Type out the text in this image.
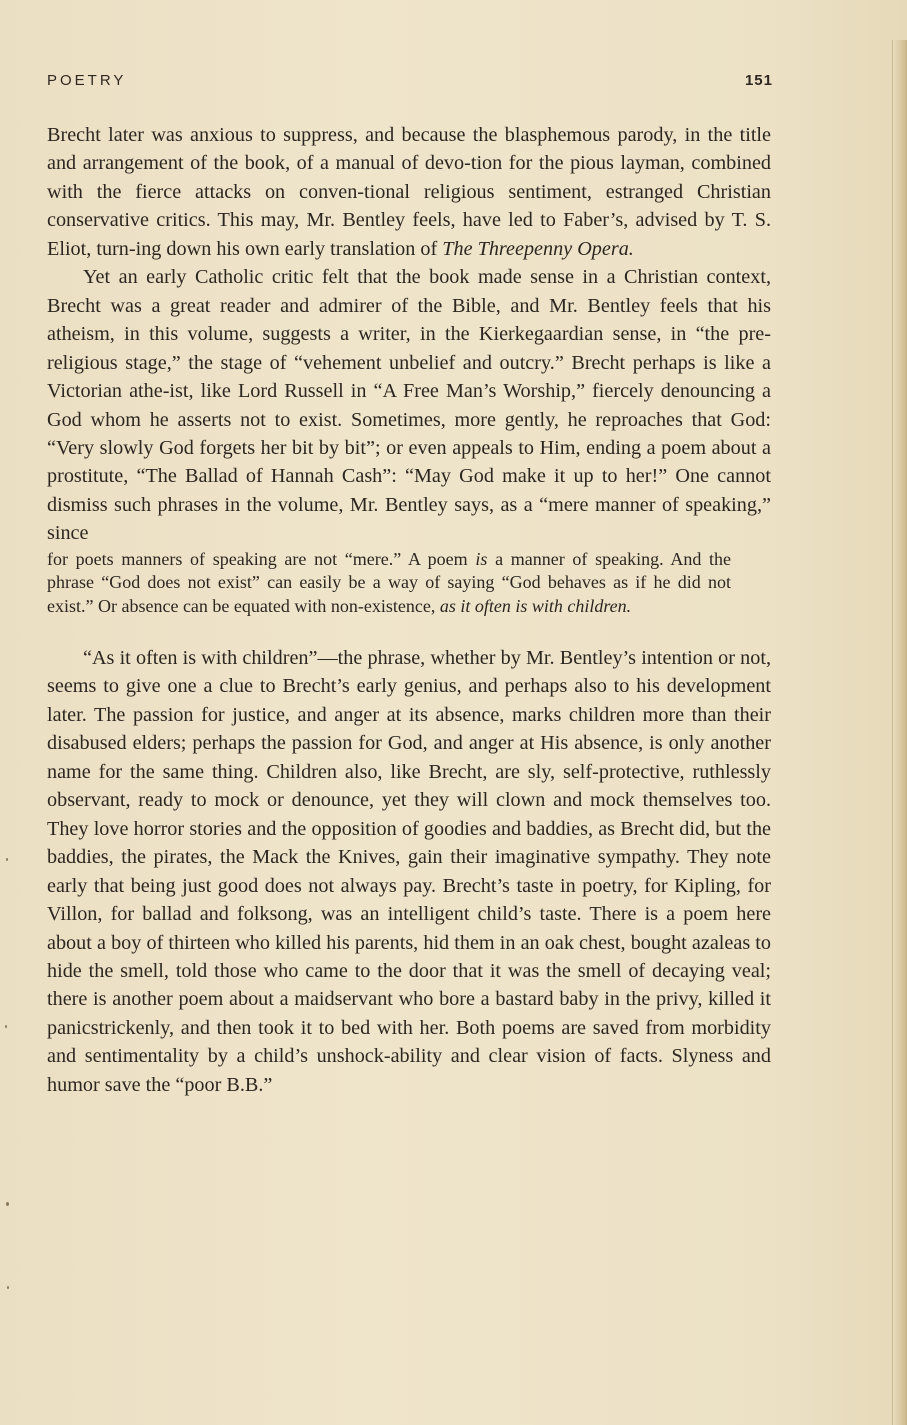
POETRY	151

Brecht later was anxious to suppress, and because the blasphemous parody, in the title and arrangement of the book, of a manual of devo-tion for the pious layman, combined with the fierce attacks on conven-tional religious sentiment, estranged Christian conservative critics. This may, Mr. Bentley feels, have led to Faber’s, advised by T. S. Eliot, turn-ing down his own early translation of The Threepenny Opera.

Yet an early Catholic critic felt that the book made sense in a Christian context, Brecht was a great reader and admirer of the Bible, and Mr. Bentley feels that his atheism, in this volume, suggests a writer, in the Kierkegaardian sense, in “the pre-religious stage,” the stage of “vehement unbelief and outcry.” Brecht perhaps is like a Victorian athe-ist, like Lord Russell in “A Free Man’s Worship,” fiercely denouncing a God whom he asserts not to exist. Sometimes, more gently, he reproaches that God: “Very slowly God forgets her bit by bit”; or even appeals to Him, ending a poem about a prostitute, “The Ballad of Hannah Cash”: “May God make it up to her!” One cannot dismiss such phrases in the volume, Mr. Bentley says, as a “mere manner of speaking,” since

for poets manners of speaking are not “mere.” A poem is a manner of speaking. And the phrase “God does not exist” can easily be a way of saying “God behaves as if he did not exist.” Or absence can be equated with non-existence, as it often is with children.

“As it often is with children”—the phrase, whether by Mr. Bentley’s intention or not, seems to give one a clue to Brecht’s early genius, and perhaps also to his development later. The passion for justice, and anger at its absence, marks children more than their disabused elders; perhaps the passion for God, and anger at His absence, is only another name for the same thing. Children also, like Brecht, are sly, self-protective, ruthlessly observant, ready to mock or denounce, yet they will clown and mock themselves too. They love horror stories and the opposition of goodies and baddies, as Brecht did, but the baddies, the pirates, the Mack the Knives, gain their imaginative sympathy. They note early that being just good does not always pay. Brecht’s taste in poetry, for Kipling, for Villon, for ballad and folksong, was an intelligent child’s taste. There is a poem here about a boy of thirteen who killed his parents, hid them in an oak chest, bought azaleas to hide the smell, told those who came to the door that it was the smell of decaying veal; there is another poem about a maidservant who bore a bastard baby in the privy, killed it panicstrickenly, and then took it to bed with her. Both poems are saved from morbidity and sentimentality by a child’s unshock-ability and clear vision of facts. Slyness and humor save the “poor B.B.”
